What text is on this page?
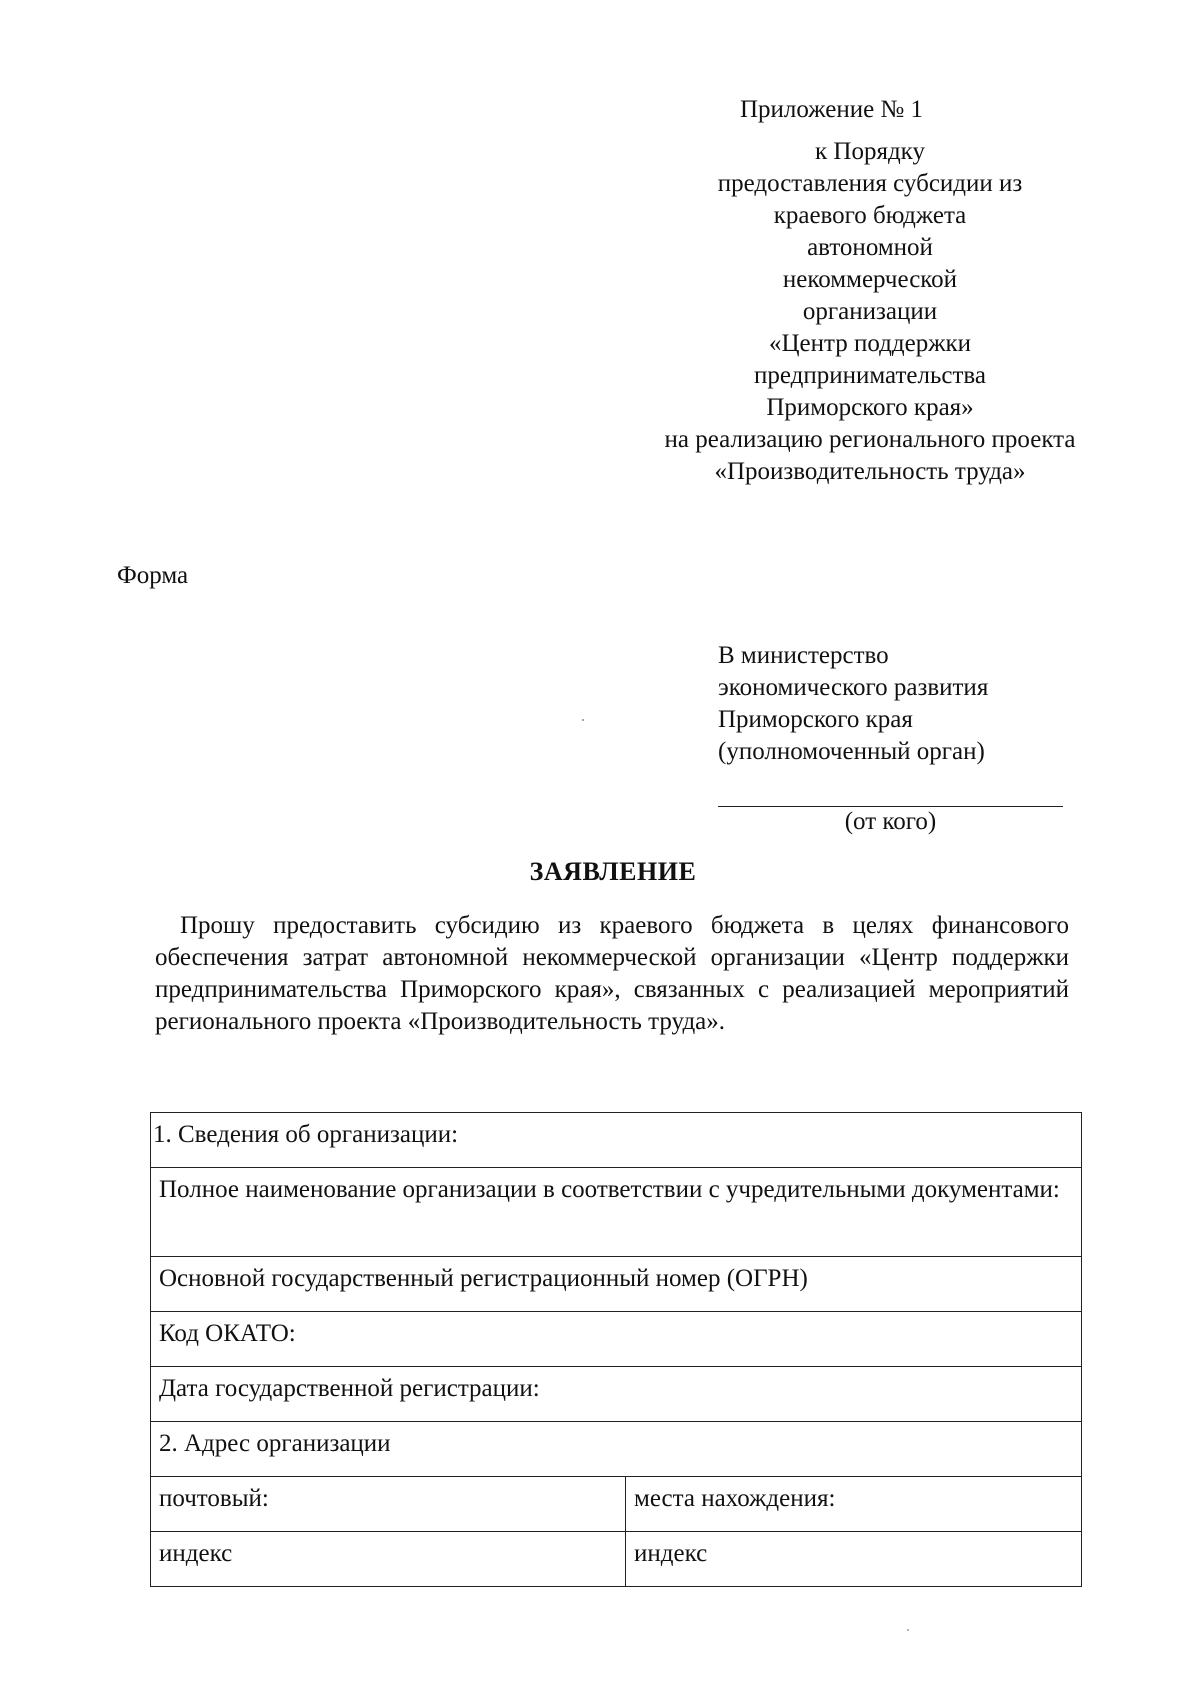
Приложение № 1
к Порядку
предоставления субсидии из
краевого бюджета
автономной
некоммерческой
организации
«Центр поддержки
предпринимательства
Приморского края»
на реализацию регионального проекта
«Производительность труда»
Форма
В министерство
экономического развития
Приморского края
(уполномоченный орган)
(от кого)
ЗАЯВЛЕНИЕ

Прошу предоставить субсидию из краевого бюджета в целях финансового обеспечения затрат автономной некоммерческой организации «Центр поддержки предпринимательства Приморского края», связанных с реализацией мероприятий регионального проекта «Производительность труда».

1. Сведения об организации:	
Полное наименование организации в соответствии с учредительными документами:	
Основной государственный регистрационный номер (ОГРН)	
Код ОКАТО:	
Дата государственной регистрации:	
2. Адрес организации	
почтовый:	места нахождения:
индекс	индекс
